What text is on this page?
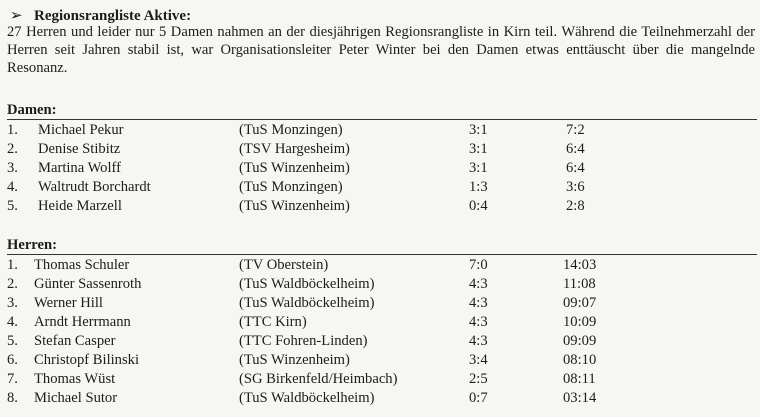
➢ Regionsrangliste Aktive:

27 Herren und leider nur 5 Damen nahmen an der diesjährigen Regionsrangliste in Kirn teil. Während die Teilnehmerzahl der Herren seit Jahren stabil ist, war Organisationsleiter Peter Winter bei den Damen etwas enttäuscht über die mangelnde Resonanz.

Damen:
1. Michael Pekur	(TuS Monzingen)	3:1	7:2
2. Denise Stibitz	(TSV Hargesheim)	3:1	6:4
3. Martina Wolff	(TuS Winzenheim)	3:1	6:4
4. Waltrudt Borchardt	(TuS Monzingen)	1:3	3:6
5. Heide Marzell	(TuS Winzenheim)	0:4	2:8
Herren:
1. Thomas Schuler	(TV Oberstein)	7:0	14:03
2. Günter Sassenroth	(TuS Waldböckelheim)	4:3	11:08
3. Werner Hill	(TuS Waldböckelheim)	4:3	09:07
4. Arndt Herrmann	(TTC Kirn)	4:3	10:09
5. Stefan Casper	(TTC Fohren-Linden)	4:3	09:09
6. Christopf Bilinski	(TuS Winzenheim)	3:4	08:10
7. Thomas Wüst	(SG Birkenfeld/Heimbach)	2:5	08:11
8. Michael Sutor	(TuS Waldböckelheim)	0:7	03:14
